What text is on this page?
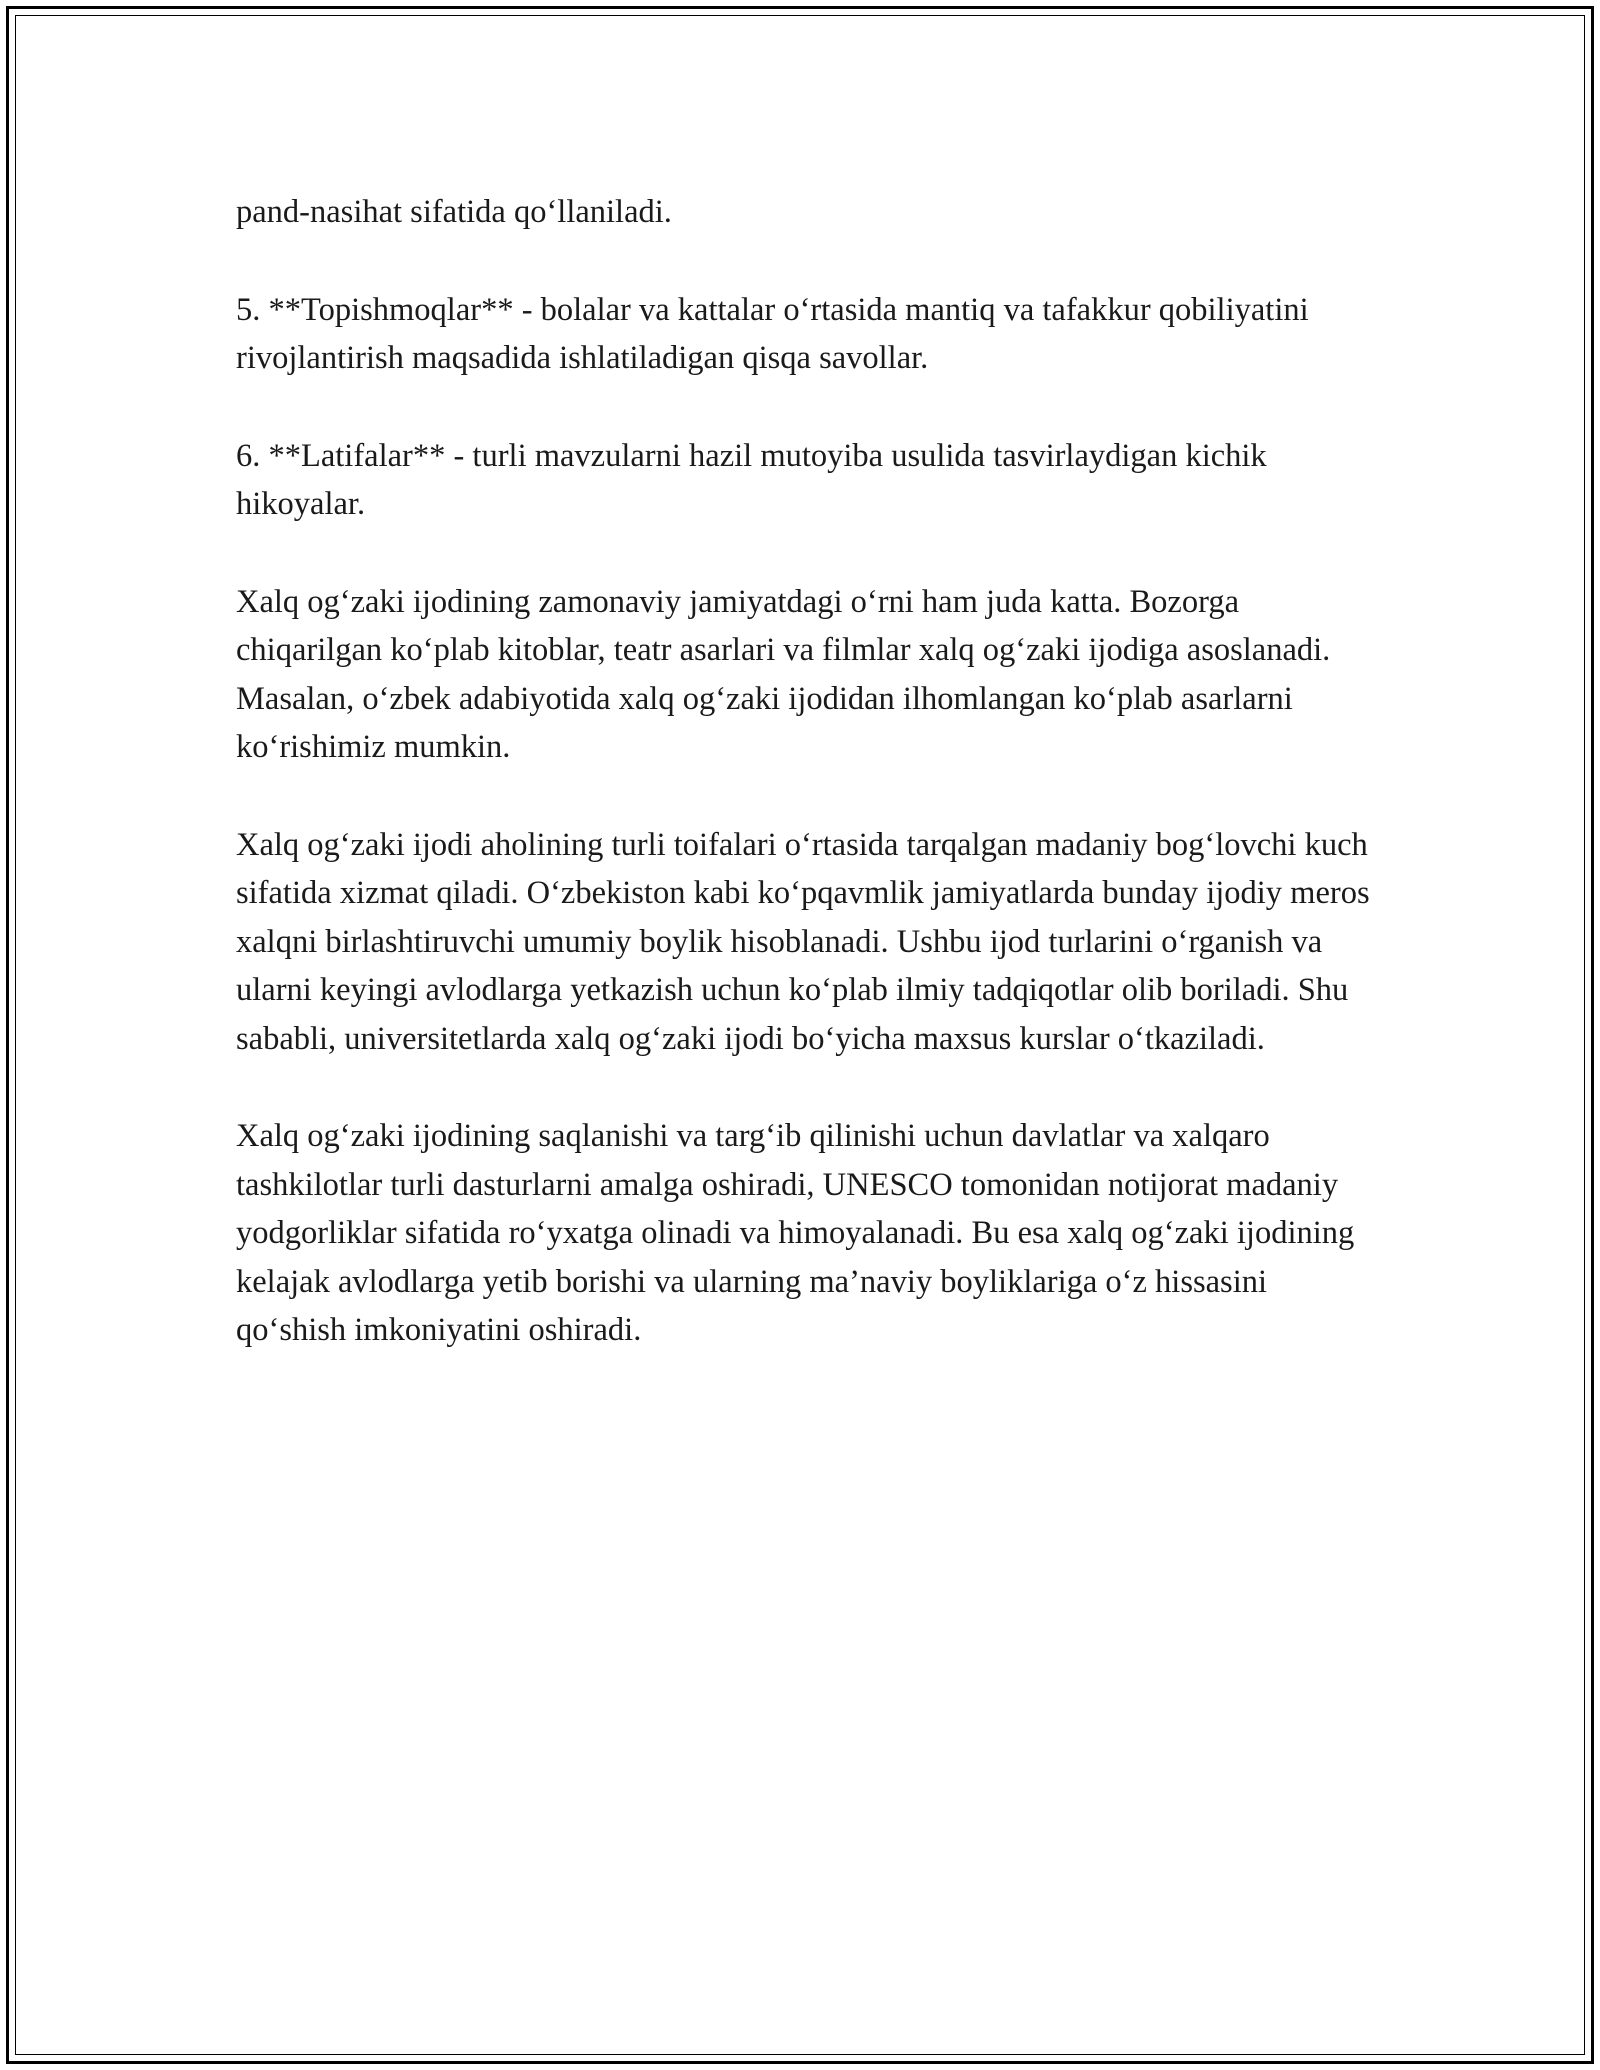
pand-nasihat sifatida qo‘llaniladi.

5. **Topishmoqlar** - bolalar va kattalar o‘rtasida mantiq va tafakkur qobiliyatini rivojlantirish maqsadida ishlatiladigan qisqa savollar.

6. **Latifalar** - turli mavzularni hazil mutoyiba usulida tasvirlaydigan kichik hikoyalar.

Xalq og‘zaki ijodining zamonaviy jamiyatdagi o‘rni ham juda katta. Bozorga chiqarilgan ko‘plab kitoblar, teatr asarlari va filmlar xalq og‘zaki ijodiga asoslanadi. Masalan, o‘zbek adabiyotida xalq og‘zaki ijodidan ilhomlangan ko‘plab asarlarni ko‘rishimiz mumkin.

Xalq og‘zaki ijodi aholining turli toifalari o‘rtasida tarqalgan madaniy bog‘lovchi kuch sifatida xizmat qiladi. O‘zbekiston kabi ko‘pqavmlik jamiyatlarda bunday ijodiy meros xalqni birlashtiruvchi umumiy boylik hisoblanadi. Ushbu ijod turlarini o‘rganish va ularni keyingi avlodlarga yetkazish uchun ko‘plab ilmiy tadqiqotlar olib boriladi. Shu sababli, universitetlarda xalq og‘zaki ijodi bo‘yicha maxsus kurslar o‘tkaziladi.

Xalq og‘zaki ijodining saqlanishi va targ‘ib qilinishi uchun davlatlar va xalqaro tashkilotlar turli dasturlarni amalga oshiradi, UNESCO tomonidan notijorat madaniy yodgorliklar sifatida ro‘yxatga olinadi va himoyalanadi. Bu esa xalq og‘zaki ijodining kelajak avlodlarga yetib borishi va ularning ma’naviy boyliklariga o‘z hissasini qo‘shish imkoniyatini oshiradi.
